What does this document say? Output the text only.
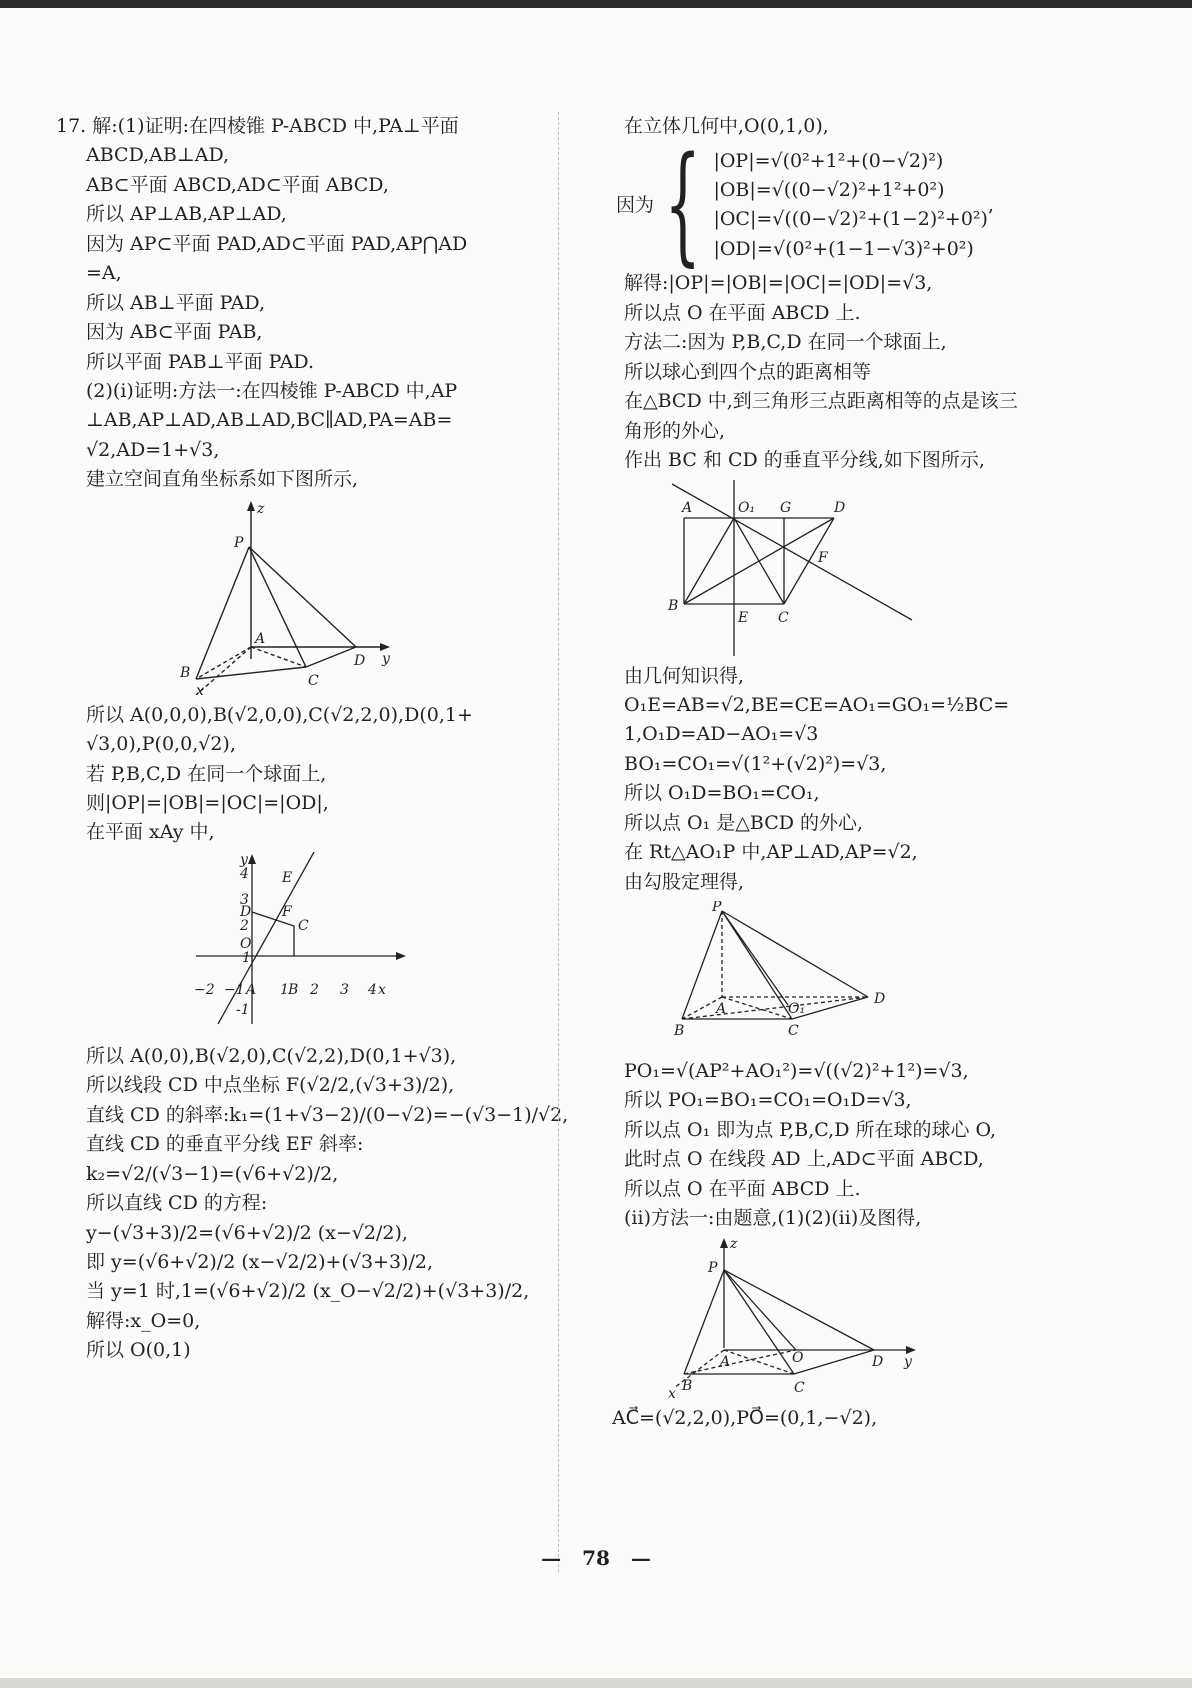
17. 解:(1)证明:在四棱锥 P-ABCD 中,PA⊥平面
ABCD,AB⊥AD,
AB⊂平面 ABCD,AD⊂平面 ABCD,
所以 AP⊥AB,AP⊥AD,
因为 AP⊂平面 PAD,AD⊂平面 PAD,AP⋂AD
=A,
所以 AB⊥平面 PAD,
因为 AB⊂平面 PAB,
所以平面 PAB⊥平面 PAD.
(2)(ⅰ)证明:方法一:在四棱锥 P-ABCD 中,AP
⊥AB,AP⊥AD,AB⊥AD,BC∥AD,PA=AB=
√2,AD=1+√3,
建立空间直角坐标系如下图所示,
z
P
A
B	C
D y
x
所以 A(0,0,0),B(√2,0,0),C(√2,2,0),D(0,1+
√3,0),P(0,0,√2),
若 P,B,C,D 在同一个球面上,
则|OP|=|OB|=|OC|=|OD|,
在平面 xAy 中,
y
4
3
2
D
O
1
-1
E
F
C
−2 −1 A 1 B 2 3 4 x
所以 A(0,0),B(√2,0),C(√2,2),D(0,1+√3),
所以线段 CD 中点坐标 F(√2/2,(√3+3)/2),
直线 CD 的斜率:k₁=(1+√3−2)/(0−√2)=−(√3−1)/√2,
直线 CD 的垂直平分线 EF 斜率:
k₂=√2/(√3−1)=(√6+√2)/2,
所以直线 CD 的方程:
y−(√3+3)/2=(√6+√2)/2 (x−√2/2),
即 y=(√6+√2)/2 (x−√2/2)+(√3+3)/2,
当 y=1 时,1=(√6+√2)/2 (x_O−√2/2)+(√3+3)/2,
解得:x_O=0,
所以 O(0,1)
在立体几何中,O(0,1,0),
因为 { |OP|=√(0²+1²+(0−√2)²)
|OB|=√((0−√2)²+1²+0²)
|OC|=√((0−√2)²+(1−2)²+0²)
|OD|=√(0²+(1−1−√3)²+0²)
,
解得:|OP|=|OB|=|OC|=|OD|=√3,
所以点 O 在平面 ABCD 上.
方法二:因为 P,B,C,D 在同一个球面上,
所以球心到四个点的距离相等
在△BCD 中,到三角形三点距离相等的点是该三
角形的外心,
作出 BC 和 CD 的垂直平分线,如下图所示,
A	O₁ G	D
F
B
E C
由几何知识得,
O₁E=AB=√2,BE=CE=AO₁=GO₁=½BC=
1,O₁D=AD−AO₁=√3
BO₁=CO₁=√(1²+(√2)²)=√3,
所以 O₁D=BO₁=CO₁,
所以点 O₁ 是△BCD 的外心,
在 Rt△AO₁P 中,AP⊥AD,AP=√2,
由勾股定理得,
P
A	O₁
D
B	C
PO₁=√(AP²+AO₁²)=√((√2)²+1²)=√3,
所以 PO₁=BO₁=CO₁=O₁D=√3,
所以点 O₁ 即为点 P,B,C,D 所在球的球心 O,
此时点 O 在线段 AD 上,AD⊂平面 ABCD,
所以点 O 在平面 ABCD 上.
(ⅱ)方法一:由题意,(1)(2)(ⅱ)及图得,
z
P
A	O	D y
B	C
x
AC⃗=(√2,2,0),PO⃗=(0,1,−√2),
— 78 —
